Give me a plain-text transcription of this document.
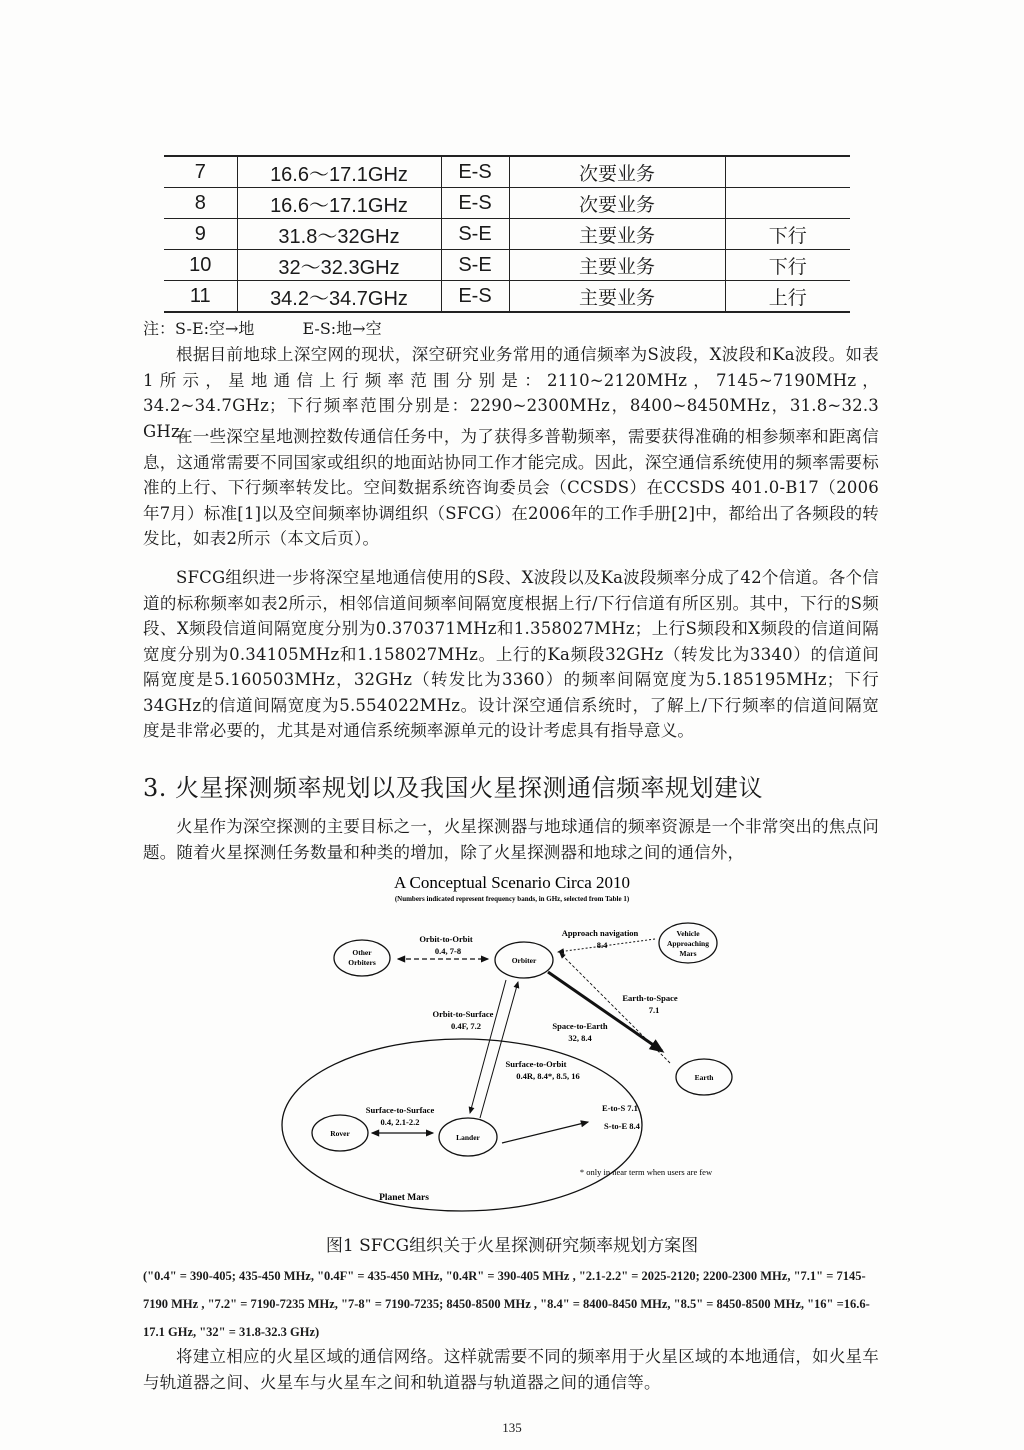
7	16.6～17.1GHz	E-S	次要业务	
8	16.6～17.1GHz	E-S	次要业务	
9	31.8～32GHz	S-E	主要业务	下行
10	32～32.3GHz	S-E	主要业务	下行
11	34.2～34.7GHz	E-S	主要业务	上行
注：S-E:空→地	E-S:地→空
根据目前地球上深空网的现状，深空研究业务常用的通信频率为S波段，X波段和Ka波段。如表1所示，星地通信上行频率范围分别是：2110~2120MHz，7145~7190MHz，34.2~34.7GHz；下行频率范围分别是：2290~2300MHz，8400~8450MHz，31.8~32.3 GHz。
在一些深空星地测控数传通信任务中，为了获得多普勒频率，需要获得准确的相参频率和距离信息，这通常需要不同国家或组织的地面站协同工作才能完成。因此，深空通信系统使用的频率需要标准的上行、下行频率转发比。空间数据系统咨询委员会（CCSDS）在CCSDS 401.0-B17（2006年7月）标准[1]以及空间频率协调组织（SFCG）在2006年的工作手册[2]中，都给出了各频段的转发比，如表2所示（本文后页）。
SFCG组织进一步将深空星地通信使用的S段、X波段以及Ka波段频率分成了42个信道。各个信道的标称频率如表2所示，相邻信道间频率间隔宽度根据上行/下行信道有所区别。其中，下行的S频段、X频段信道间隔宽度分别为0.370371MHz和1.358027MHz；上行S频段和X频段的信道间隔宽度分别为0.34105MHz和1.158027MHz。上行的Ka频段32GHz（转发比为3340）的信道间隔宽度是5.160503MHz，32GHz（转发比为3360）的频率间隔宽度为5.185195MHz；下行34GHz的信道间隔宽度为5.554022MHz。设计深空通信系统时，了解上/下行频率的信道间隔宽度是非常必要的，尤其是对通信系统频率源单元的设计考虑具有指导意义。
3. 火星探测频率规划以及我国火星探测通信频率规划建议
火星作为深空探测的主要目标之一，火星探测器与地球通信的频率资源是一个非常突出的焦点问题。随着火星探测任务数量和种类的增加，除了火星探测器和地球之间的通信外，
A Conceptual Scenario Circa 2010
(Numbers indicated represent frequency bands, in GHz, selected from Table 1)
Other
Orbiters	Orbiter
Vehicle
Approaching
Mars
Earth
Planet Mars
Rover	Lander
Orbit-to-Orbit
0.4, 7-8
Approach navigation
8.4
Earth-to-Space
7.1
Space-to-Earth
32, 8.4
Orbit-to-Surface
0.4F, 7.2
Surface-to-Orbit
0.4R, 8.4*, 8.5, 16
Surface-to-Surface
0.4, 2.1-2.2
E-to-S 7.1
S-to-E 8.4
* only in near term when users are few
图1 SFCG组织关于火星探测研究频率规划方案图
("0.4" = 390-405; 435-450 MHz, "0.4F" = 435-450 MHz, "0.4R" = 390-405 MHz , "2.1-2.2" = 2025-2120; 2200-2300 MHz, "7.1" = 7145-7190 MHz , "7.2" = 7190-7235 MHz, "7-8" = 7190-7235; 8450-8500 MHz , "8.4" = 8400-8450 MHz, "8.5" = 8450-8500 MHz, "16" =16.6-17.1 GHz, "32" = 31.8-32.3 GHz)
将建立相应的火星区域的通信网络。这样就需要不同的频率用于火星区域的本地通信，如火星车与轨道器之间、火星车与火星车之间和轨道器与轨道器之间的通信等。
135
